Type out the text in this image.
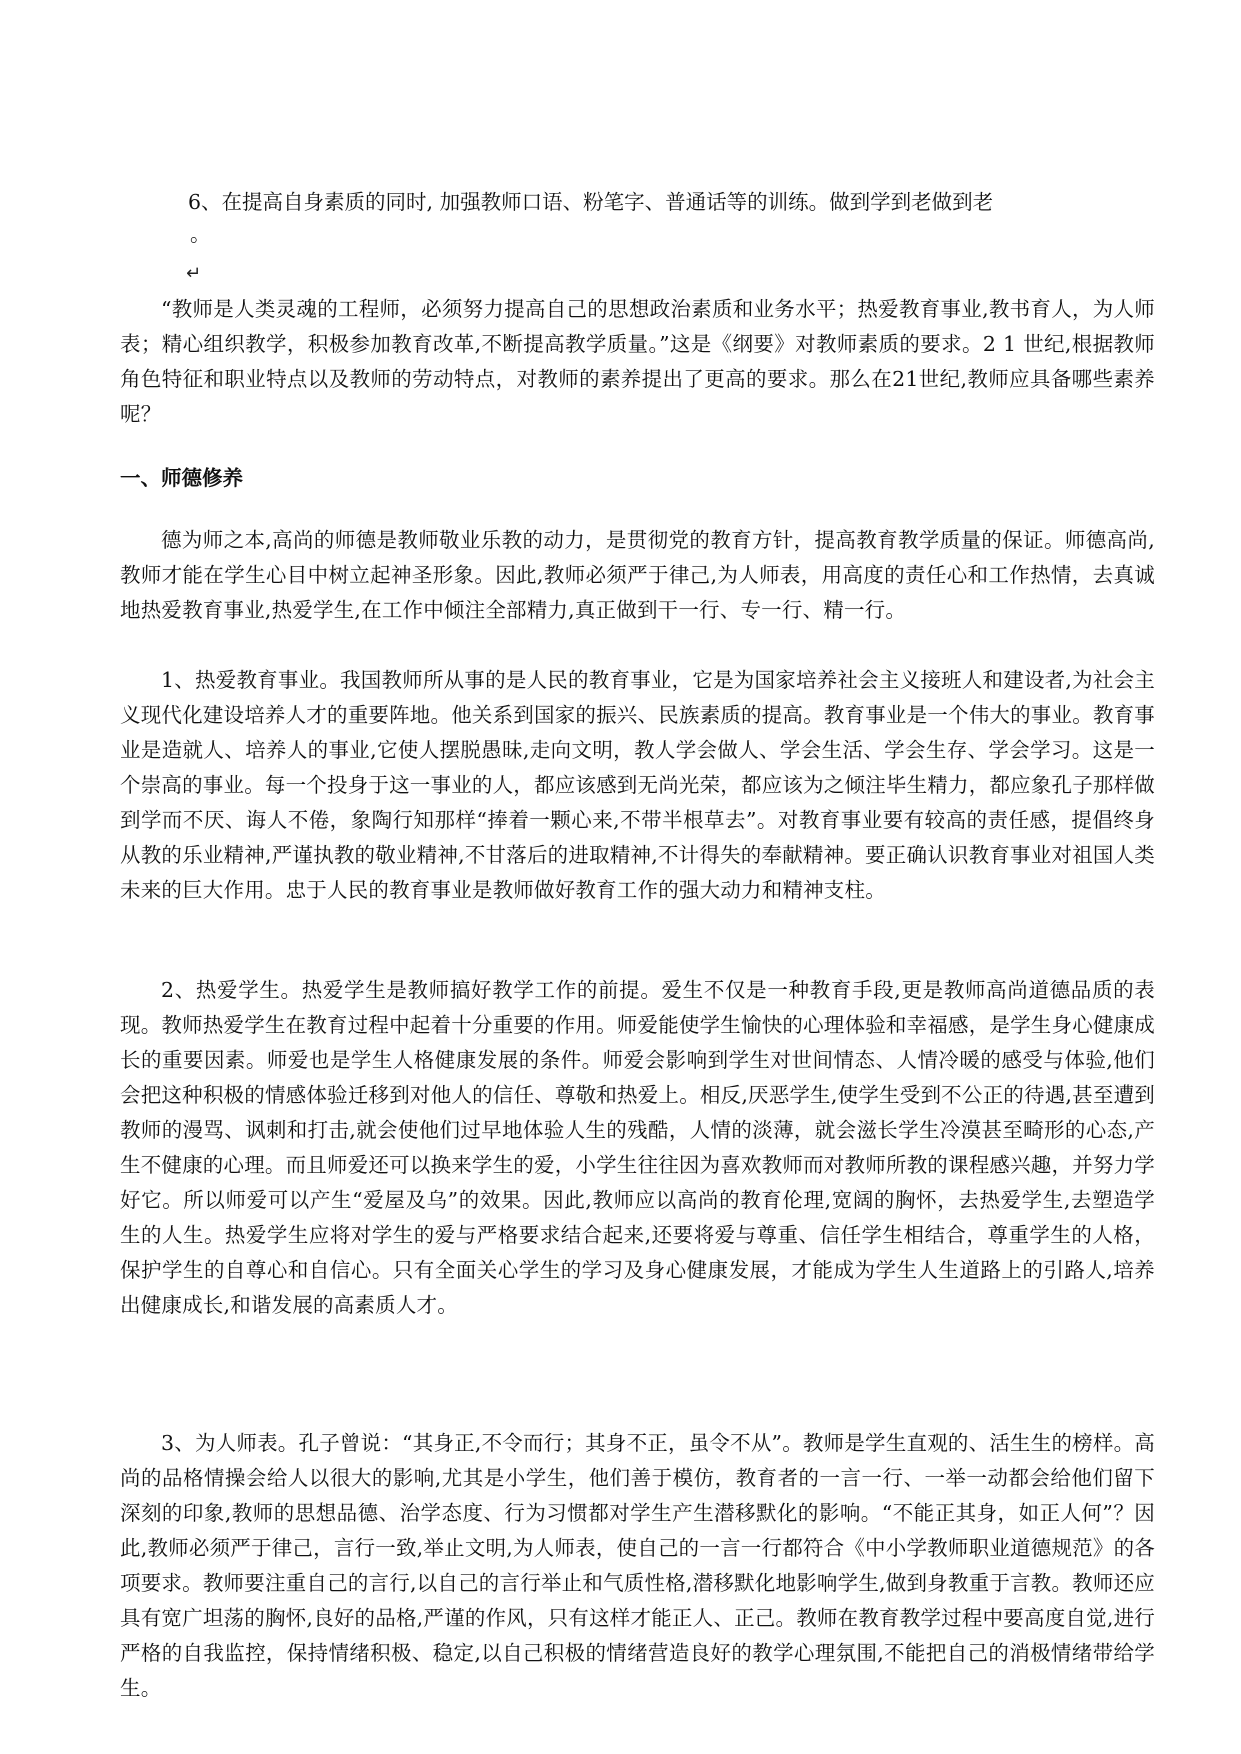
6、在提高自身素质的同时, 加强教师口语、粉笔字、普通话等的训练。做到学到老做到老

。

↵

“教师是人类灵魂的工程师，必须努力提高自己的思想政治素质和业务水平；热爱教育事业,教书育人，为人师表；精心组织教学，积极参加教育改革,不断提高教学质量。”这是《纲要》对教师素质的要求。2 1 世纪,根据教师角色特征和职业特点以及教师的劳动特点，对教师的素养提出了更高的要求。那么在21世纪,教师应具备哪些素养呢？

一、师德修养

德为师之本,高尚的师德是教师敬业乐教的动力，是贯彻党的教育方针，提高教育教学质量的保证。师德高尚,教师才能在学生心目中树立起神圣形象。因此,教师必须严于律己,为人师表，用高度的责任心和工作热情，去真诚地热爱教育事业,热爱学生,在工作中倾注全部精力,真正做到干一行、专一行、精一行。

1、热爱教育事业。我国教师所从事的是人民的教育事业，它是为国家培养社会主义接班人和建设者,为社会主义现代化建设培养人才的重要阵地。他关系到国家的振兴、民族素质的提高。教育事业是一个伟大的事业。教育事业是造就人、培养人的事业,它使人摆脱愚昧,走向文明，教人学会做人、学会生活、学会生存、学会学习。这是一个崇高的事业。每一个投身于这一事业的人，都应该感到无尚光荣，都应该为之倾注毕生精力，都应象孔子那样做到学而不厌、诲人不倦，象陶行知那样“捧着一颗心来,不带半根草去”。对教育事业要有较高的责任感，提倡终身从教的乐业精神,严谨执教的敬业精神,不甘落后的进取精神,不计得失的奉献精神。要正确认识教育事业对祖国人类未来的巨大作用。忠于人民的教育事业是教师做好教育工作的强大动力和精神支柱。

2、热爱学生。热爱学生是教师搞好教学工作的前提。爱生不仅是一种教育手段,更是教师高尚道德品质的表现。教师热爱学生在教育过程中起着十分重要的作用。师爱能使学生愉快的心理体验和幸福感，是学生身心健康成长的重要因素。师爱也是学生人格健康发展的条件。师爱会影响到学生对世间情态、人情冷暖的感受与体验,他们会把这种积极的情感体验迁移到对他人的信任、尊敬和热爱上。相反,厌恶学生,使学生受到不公正的待遇,甚至遭到教师的漫骂、讽刺和打击,就会使他们过早地体验人生的残酷，人情的淡薄，就会滋长学生冷漠甚至畸形的心态,产生不健康的心理。而且师爱还可以换来学生的爱，小学生往往因为喜欢教师而对教师所教的课程感兴趣，并努力学好它。所以师爱可以产生“爱屋及乌”的效果。因此,教师应以高尚的教育伦理,宽阔的胸怀，去热爱学生,去塑造学生的人生。热爱学生应将对学生的爱与严格要求结合起来,还要将爱与尊重、信任学生相结合，尊重学生的人格，保护学生的自尊心和自信心。只有全面关心学生的学习及身心健康发展，才能成为学生人生道路上的引路人,培养出健康成长,和谐发展的高素质人才。

3、为人师表。孔子曾说：“其身正,不令而行；其身不正，虽令不从”。教师是学生直观的、活生生的榜样。高尚的品格情操会给人以很大的影响,尤其是小学生，他们善于模仿，教育者的一言一行、一举一动都会给他们留下深刻的印象,教师的思想品德、治学态度、行为习惯都对学生产生潜移默化的影响。“不能正其身，如正人何”？因此,教师必须严于律己，言行一致,举止文明,为人师表，使自己的一言一行都符合《中小学教师职业道德规范》的各项要求。教师要注重自己的言行,以自己的言行举止和气质性格,潜移默化地影响学生,做到身教重于言教。教师还应具有宽广坦荡的胸怀,良好的品格,严谨的作风，只有这样才能正人、正己。教师在教育教学过程中要高度自觉,进行严格的自我监控，保持情绪积极、稳定,以自己积极的情绪营造良好的教学心理氛围,不能把自己的消极情绪带给学生。
